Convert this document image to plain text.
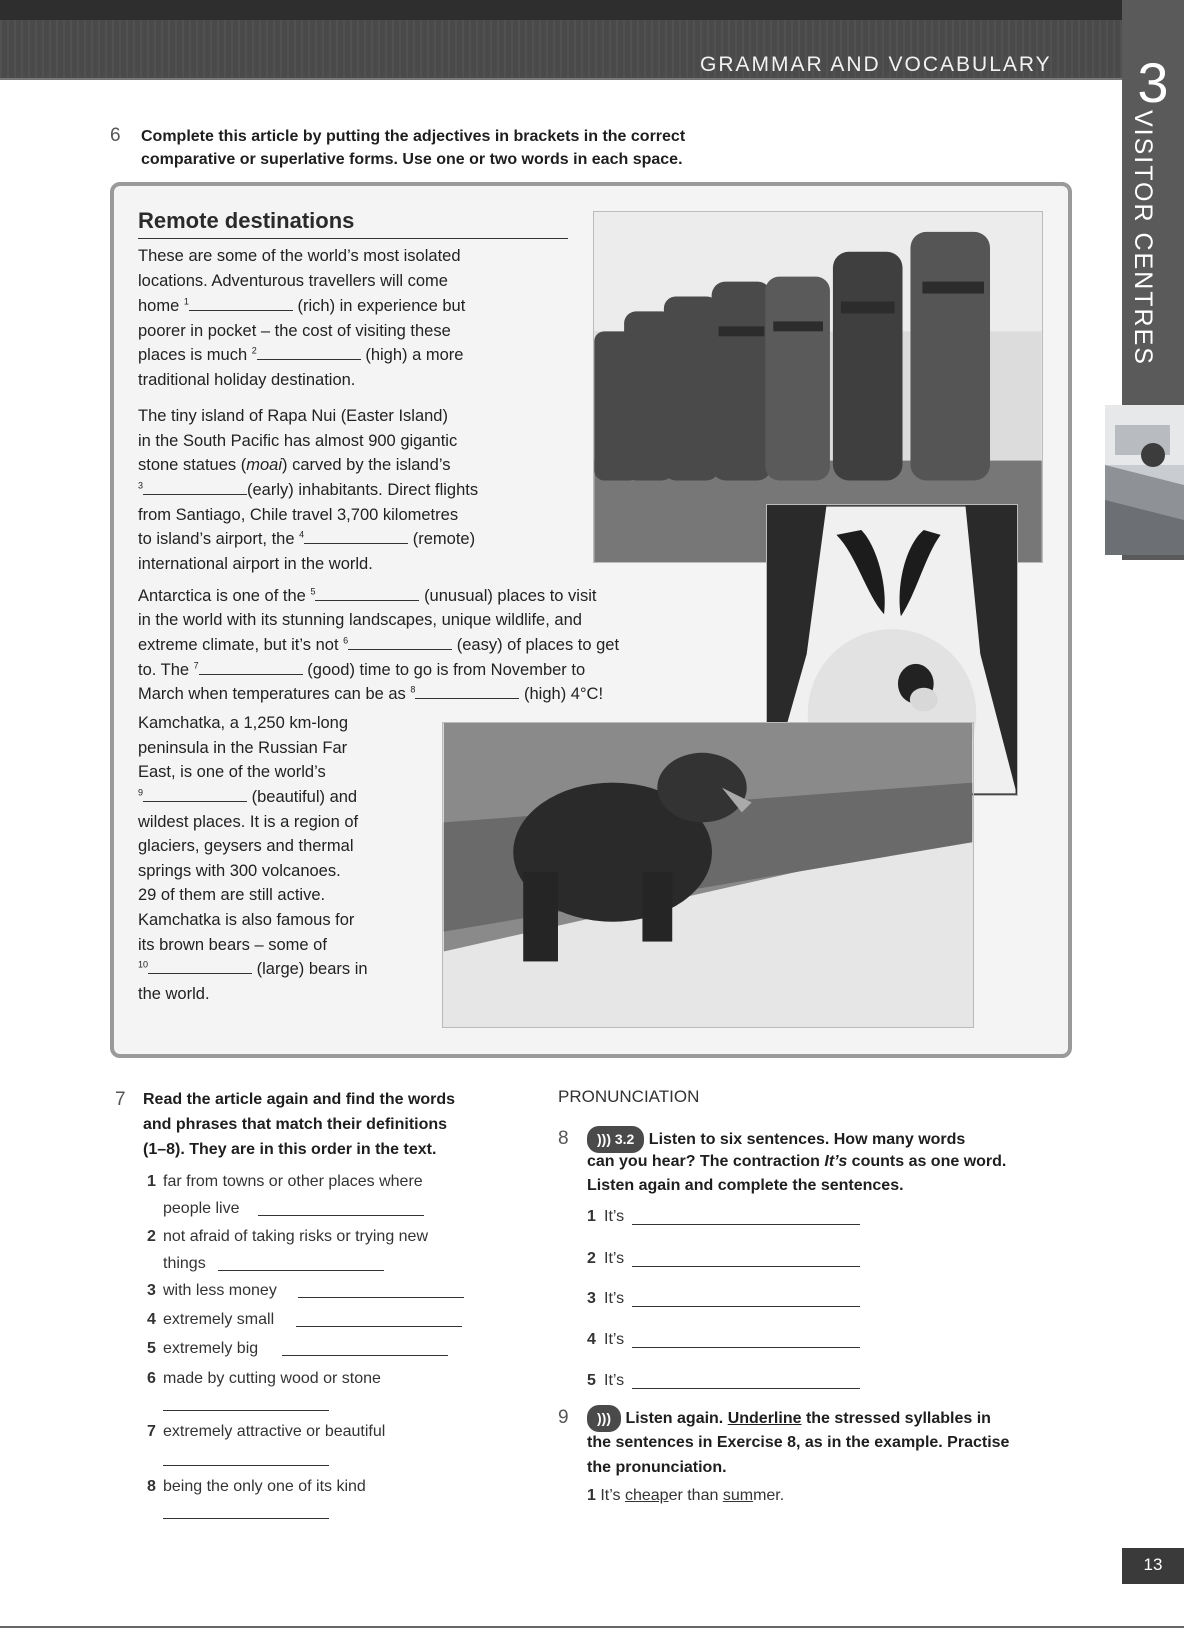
GRAMMAR AND VOCABULARY 3
VISITOR CENTRES
6 Complete this article by putting the adjectives in brackets in the correct
comparative or superlative forms. Use one or two words in each space.
Remote destinations
These are some of the world’s most isolated
locations. Adventurous travellers will come
home $^1$	(rich) in experience but
poorer in pocket – the cost of visiting these
places is much $^2$	(high) a more
traditional holiday destination.
The tiny island of Rapa Nui (Easter Island)
in the South Pacific has almost 900 gigantic
stone statues (moai) carved by the island’s
$^3$	(early) inhabitants. Direct flights
from Santiago, Chile travel 3,700 kilometres
to island’s airport, the $^4$	(remote)
international airport in the world.
Antarctica is one of the $^5$	(unusual) places to visit
in the world with its stunning landscapes, unique wildlife, and
extreme climate, but it’s not $^6$	(easy) of places to get
to. The $^7$	(good) time to go is from November to
March when temperatures can be as $^8$	(high) 4°C!
Kamchatka, a 1,250 km-long
peninsula in the Russian Far
East, is one of the world’s
$^9$	(beautiful) and
wildest places. It is a region of
glaciers, geysers and thermal
springs with 300 volcanoes.
29 of them are still active.
Kamchatka is also famous for
its brown bears – some of
$^{10}$	(large) bears in
the world.
7 Read the article again and find the words
and phrases that match their definitions
(1–8). They are in this order in the text.
1 far from towns or other places where
people live
2 not afraid of taking risks or trying new
things
3 with less money
4 extremely small
5 extremely big
6 made by cutting wood or stone
7 extremely attractive or beautiful
8 being the only one of its kind
PRONUNCIATION
8	))) 3.2 Listen to six sentences. How many words
can you hear? The contraction It’s counts as one word.
Listen again and complete the sentences.
1 It’s
2 It’s
3 It’s
4 It’s
5 It’s
9	))) Listen again. Underline the stressed syllables in
the sentences in Exercise 8, as in the example. Practise
the pronunciation.
1 It’s cheaper than summer.
13
